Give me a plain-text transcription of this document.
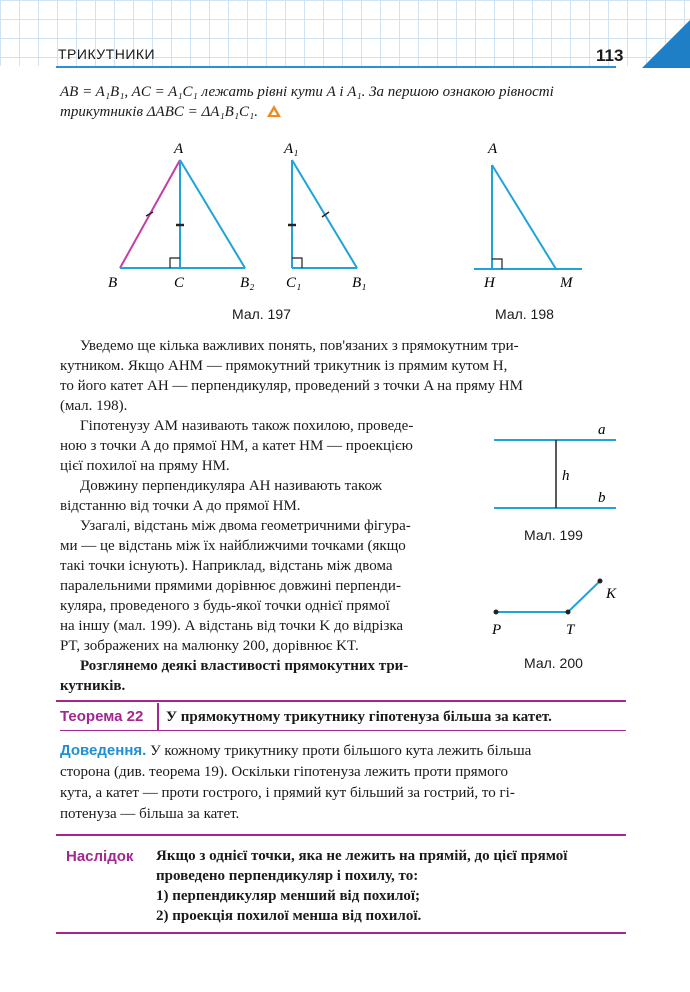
ТРИКУТНИКИ	113
AB = A₁B₁, AC = A₁C₁ лежать рівні кути A і A₁. За першою ознакою рівності
трикутників ΔABC = ΔA₁B₁C₁.
A
B	C	B₂
A₁
C₁	B₁
Мал. 197
A
H	M
Мал. 198
Уведемо ще кілька важливих понять, пов'язаних з прямокутним три-
кутником. Якщо AHM — прямокутний трикутник із прямим кутом H,
то його катет AH — перпендикуляр, проведений з точки A на пряму HM
(мал. 198).
Гіпотенузу AM називають також похилою, проведе-
ною з точки A до прямої HM, а катет HM — проекцією
цієї похилої на пряму HM.
Довжину перпендикуляра AH називають також
відстанню від точки A до прямої HM.
Узагалі, відстань між двома геометричними фігура-
ми — це відстань між їх найближчими точками (якщо
такі точки існують). Наприклад, відстань між двома
паралельними прямими дорівнює довжині перпенди-
куляра, проведеного з будь-якої точки однієї прямої
на іншу (мал. 199). А відстань від точки K до відрізка
PT, зображених на малюнку 200, дорівнює KT.
Розглянемо деякі властивості прямокутних три-
кутників.
a
h
b
Мал. 199
P	T
K
Мал. 200
Теорема 22 У прямокутному трикутнику гіпотенуза більша за катет.
Доведення. У кожному трикутнику проти більшого кута лежить більша
сторона (див. теорема 19). Оскільки гіпотенуза лежить проти прямого
кута, а катет — проти гострого, і прямий кут більший за гострий, то гі-
потенуза — більша за катет.
Наслідок Якщо з однієї точки, яка не лежить на прямій, до цієї прямої
проведено перпендикуляр і похилу, то:
1) перпендикуляр менший від похилої;
2) проекція похилої менша від похилої.
